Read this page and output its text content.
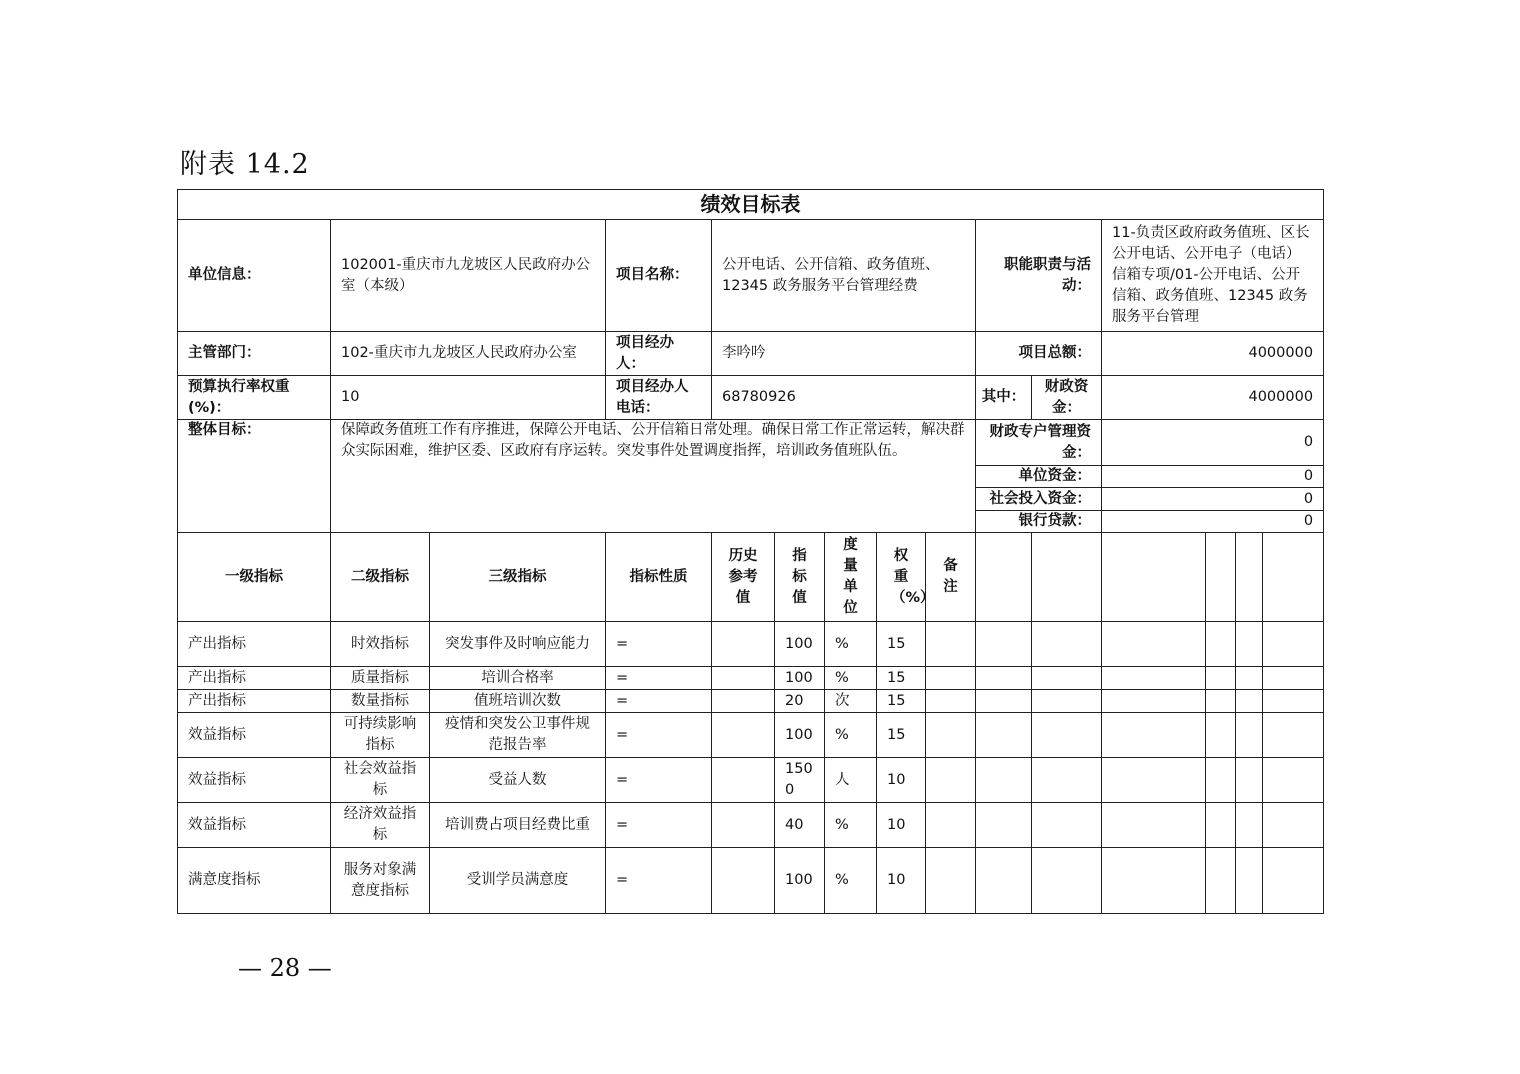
附表 14.2
绩效目标表														
单位信息：	102001-重庆市九龙坡区人民政府办公室（本级）		项目名称：	公开电话、公开信箱、政务值班、12345 政务服务平台管理经费					职能职责与活动：		11-负责区政府政务值班、区长公开电话、公开电子（电话）信箱专项/01-公开电话、公开信箱、政务值班、12345 政务服务平台管理			
主管部门：	102-重庆市九龙坡区人民政府办公室		项目经办人：	李吟吟					项目总额：		4000000			
预算执行率权重(%)：	10		项目经办人电话：	68780926					其中：	财政资金：	4000000			
整体目标：	保障政务值班工作有序推进，保障公开电话、公开信箱日常处理。确保日常工作正常运转，解决群众实际困难，维护区委、区政府有序运转。突发事件处置调度指挥，培训政务值班队伍。								财政专户管理资金：		0			
									单位资金：		0			
									社会投入资金：		0			
									银行贷款：		0			
一级指标	二级指标	三级指标	指标性质	历史参考值	指标值	度量单位	权重（%）	备注						
产出指标	时效指标	突发事件及时响应能力	=		100	%	15							
产出指标	质量指标	培训合格率	=		100	%	15							
产出指标	数量指标	值班培训次数	=		20	次	15							
效益指标	可持续影响指标	疫情和突发公卫事件规范报告率	=		100	%	15							
效益指标	社会效益指标	受益人数	=		1500	人	10							
效益指标	经济效益指标	培训费占项目经费比重	=		40	%	10							
满意度指标	服务对象满意度指标	受训学员满意度	=		100	%	10							
— 28 —
